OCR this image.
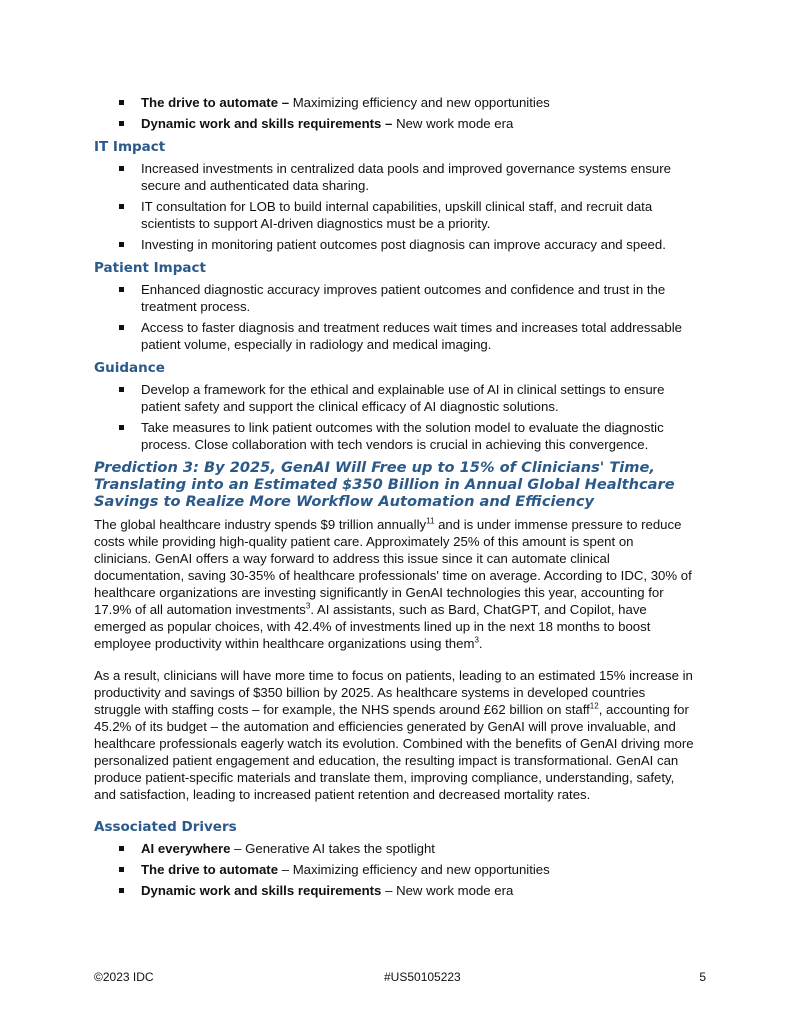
The drive to automate – Maximizing efficiency and new opportunities
Dynamic work and skills requirements – New work mode era
IT Impact
Increased investments in centralized data pools and improved governance systems ensure secure and authenticated data sharing.
IT consultation for LOB to build internal capabilities, upskill clinical staff, and recruit data scientists to support AI-driven diagnostics must be a priority.
Investing in monitoring patient outcomes post diagnosis can improve accuracy and speed.
Patient Impact
Enhanced diagnostic accuracy improves patient outcomes and confidence and trust in the treatment process.
Access to faster diagnosis and treatment reduces wait times and increases total addressable patient volume, especially in radiology and medical imaging.
Guidance
Develop a framework for the ethical and explainable use of AI in clinical settings to ensure patient safety and support the clinical efficacy of AI diagnostic solutions.
Take measures to link patient outcomes with the solution model to evaluate the diagnostic process. Close collaboration with tech vendors is crucial in achieving this convergence.
Prediction 3: By 2025, GenAI Will Free up to 15% of Clinicians' Time, Translating into an Estimated $350 Billion in Annual Global Healthcare Savings to Realize More Workflow Automation and Efficiency

The global healthcare industry spends $9 trillion annually$^{11}$ and is under immense pressure to reduce costs while providing high-quality patient care. Approximately 25% of this amount is spent on clinicians. GenAI offers a way forward to address this issue since it can automate clinical documentation, saving 30-35% of healthcare professionals' time on average. According to IDC, 30% of healthcare organizations are investing significantly in GenAI technologies this year, accounting for 17.9% of all automation investments$^3$. AI assistants, such as Bard, ChatGPT, and Copilot, have emerged as popular choices, with 42.4% of investments lined up in the next 18 months to boost employee productivity within healthcare organizations using them$^3$.

As a result, clinicians will have more time to focus on patients, leading to an estimated 15% increase in productivity and savings of $350 billion by 2025. As healthcare systems in developed countries struggle with staffing costs – for example, the NHS spends around £62 billion on staff$^{12}$, accounting for 45.2% of its budget – the automation and efficiencies generated by GenAI will prove invaluable, and healthcare professionals eagerly watch its evolution. Combined with the benefits of GenAI driving more personalized patient engagement and education, the resulting impact is transformational. GenAI can produce patient-specific materials and translate them, improving compliance, understanding, safety, and satisfaction, leading to increased patient retention and decreased mortality rates.

Associated Drivers
AI everywhere – Generative AI takes the spotlight
The drive to automate – Maximizing efficiency and new opportunities
Dynamic work and skills requirements – New work mode era
©2023 IDC	#US50105223	5
